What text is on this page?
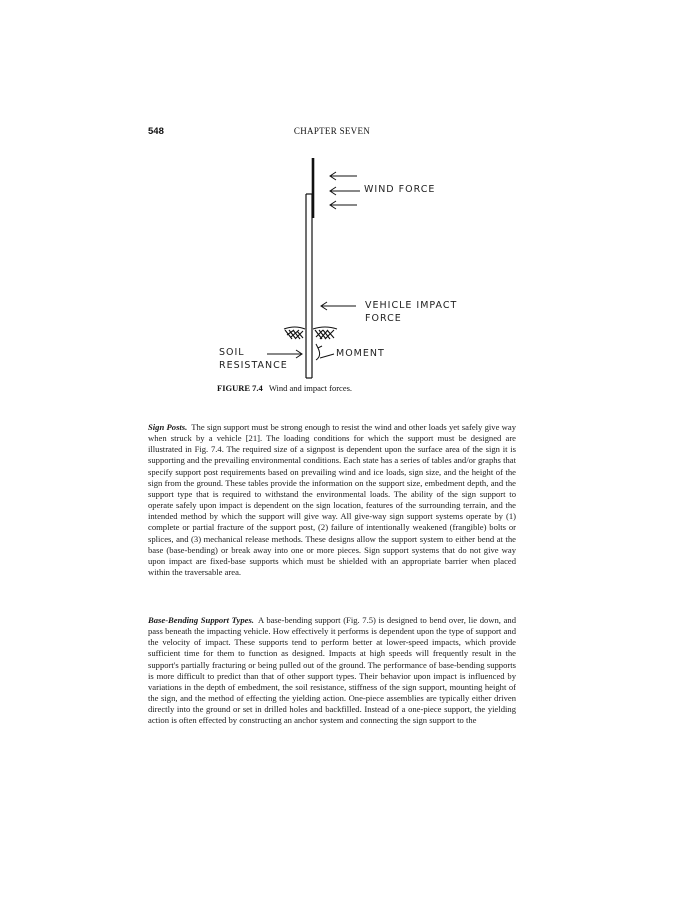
548	CHAPTER SEVEN
WIND FORCE
VEHICLE IMPACT
FORCE
SOIL
RESISTANCE
MOMENT
FIGURE 7.4 Wind and impact forces.

Sign Posts. The sign support must be strong enough to resist the wind and other loads yet safely give way when struck by a vehicle [21]. The loading conditions for which the support must be designed are illustrated in Fig. 7.4. The required size of a signpost is dependent upon the surface area of the sign it is supporting and the prevailing environmental conditions. Each state has a series of tables and/or graphs that specify support post requirements based on prevailing wind and ice loads, sign size, and the height of the sign from the ground. These tables provide the information on the support size, embedment depth, and the support type that is required to withstand the environmental loads. The ability of the sign support to operate safely upon impact is dependent on the sign location, features of the surrounding terrain, and the intended method by which the support will give way. All give-way sign support systems operate by (1) complete or partial fracture of the support post, (2) failure of intentionally weakened (frangible) bolts or splices, and (3) mechanical release methods. These designs allow the support system to either bend at the base (base-bending) or break away into one or more pieces. Sign support systems that do not give way upon impact are fixed-base supports which must be shielded with an appropriate barrier when placed within the traversable area.

Base-Bending Support Types. A base-bending support (Fig. 7.5) is designed to bend over, lie down, and pass beneath the impacting vehicle. How effectively it performs is dependent upon the type of support and the velocity of impact. These supports tend to perform better at lower-speed impacts, which provide sufficient time for them to function as designed. Impacts at high speeds will frequently result in the support's partially fracturing or being pulled out of the ground. The performance of base-bending supports is more difficult to predict than that of other support types. Their behavior upon impact is influenced by variations in the depth of embedment, the soil resistance, stiffness of the sign support, mounting height of the sign, and the method of effecting the yielding action. One-piece assemblies are typically either driven directly into the ground or set in drilled holes and backfilled. Instead of a one-piece support, the yielding action is often effected by constructing an anchor system and connecting the sign support to the
